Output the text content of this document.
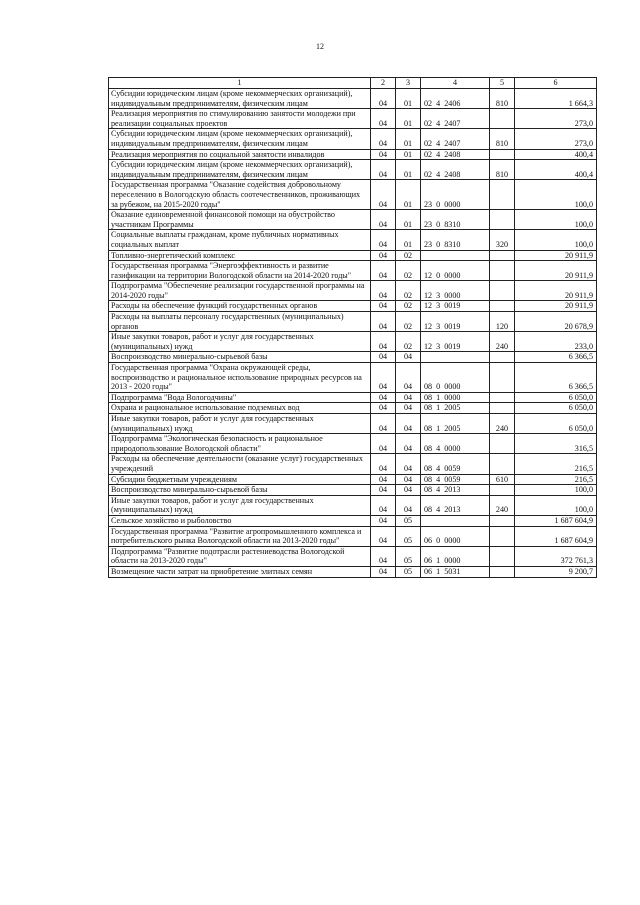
12
1	2	3	4	5	6
Субсидии юридическим лицам (кроме некоммерческих организаций), индивидуальным предпринимателям, физическим лицам	04	01	02  4  2406	810	1 664,3
Реализация мероприятия по стимулированию занятости молодежи при реализации социальных проектов	04	01	02  4  2407		273,0
Субсидии юридическим лицам (кроме некоммерческих организаций), индивидуальным предпринимателям, физическим лицам	04	01	02  4  2407	810	273,0
Реализация мероприятия по социальной занятости инвалидов	04	01	02  4  2408		400,4
Субсидии юридическим лицам (кроме некоммерческих организаций), индивидуальным предпринимателям, физическим лицам	04	01	02  4  2408	810	400,4
Государственная программа "Оказание содействия добровольному переселению в Вологодскую область соотечественников, проживающих за рубежом, на 2015-2020 годы"	04	01	23  0  0000		100,0
Оказание единовременной финансовой помощи на обустройство участникам Программы	04	01	23  0  8310		100,0
Социальные выплаты гражданам, кроме публичных нормативных социальных выплат	04	01	23  0  8310	320	100,0
Топливно-энергетический комплекс	04	02			20 911,9
Государственная программа "Энергоэффективность и развитие газификации на территории Вологодской области на 2014-2020 годы"	04	02	12  0  0000		20 911,9
Подпрограмма "Обеспечение реализации государственной программы на 2014-2020 годы"	04	02	12  3  0000		20 911,9
Расходы на обеспечение функций государственных органов	04	02	12  3  0019		20 911,9
Расходы на выплаты персоналу государственных (муниципальных) органов	04	02	12  3  0019	120	20 678,9
Иные закупки товаров, работ и услуг для государственных (муниципальных) нужд	04	02	12  3  0019	240	233,0
Воспроизводство минерально-сырьевой базы	04	04			6 366,5
Государственная программа "Охрана окружающей среды, воспроизводство и рациональное использование природных ресурсов на 2013 - 2020 годы"	04	04	08  0  0000		6 366,5
Подпрограмма "Вода Вологодчины"	04	04	08  1  0000		6 050,0
Охрана и рациональное использование подземных вод	04	04	08  1  2005		6 050,0
Иные закупки товаров, работ и услуг для государственных (муниципальных) нужд	04	04	08  1  2005	240	6 050,0
Подпрограмма "Экологическая безопасность и рациональное природопользование Вологодской области"	04	04	08  4  0000		316,5
Расходы на обеспечение деятельности (оказание услуг) государственных учреждений	04	04	08  4  0059		216,5
Субсидии бюджетным учреждениям	04	04	08  4  0059	610	216,5
Воспроизводство минерально-сырьевой базы	04	04	08  4  2013		100,0
Иные закупки товаров, работ и услуг для государственных (муниципальных) нужд	04	04	08  4  2013	240	100,0
Сельское хозяйство и рыболовство	04	05			1 687 604,9
Государственная программа "Развитие агропромышленного комплекса и потребительского рынка Вологодской области на 2013-2020 годы"	04	05	06  0  0000		1 687 604,9
Подпрограмма "Развитие подотрасли растениеводства Вологодской области на 2013-2020 годы"	04	05	06  1  0000		372 761,3
Возмещение части затрат на приобретение элитных семян	04	05	06  1  5031		9 200,7
